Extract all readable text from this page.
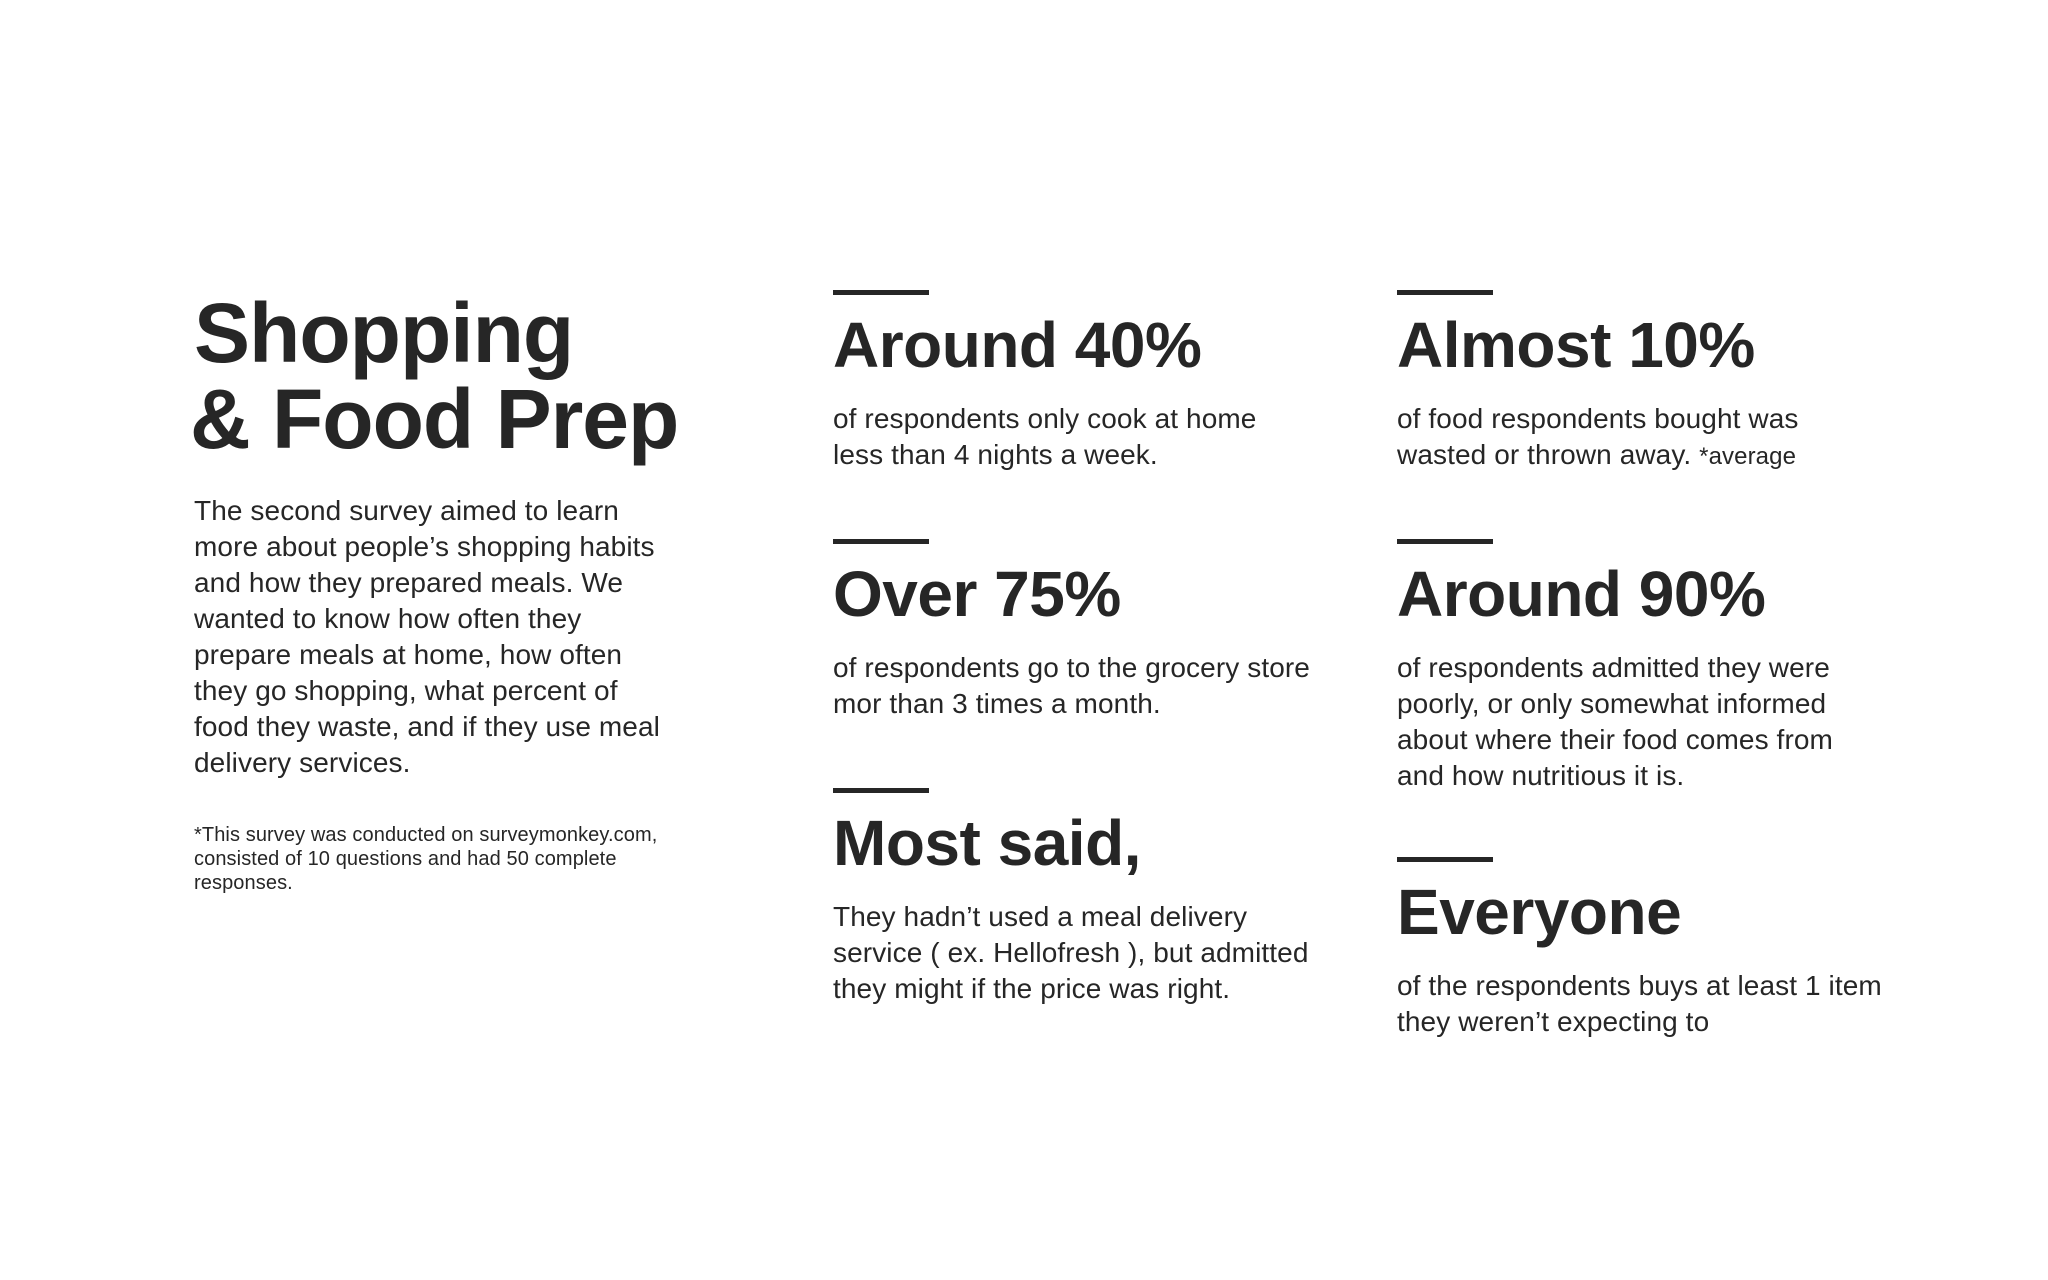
Shopping
& Food Prep

The second survey aimed to learn more about people’s shopping habits and how they prepared meals. We wanted to know how often they prepare meals at home, how often they go shopping, what percent of food they waste, and if they use meal delivery services.

*This survey was conducted on surveymonkey.com, consisted of 10 questions and had 50 complete responses.

Around 40%

of respondents only cook at home less than 4 nights a week.

Over 75%

of respondents go to the grocery store mor than 3 times a month.

Most said,

They hadn’t used a meal delivery service ( ex. Hellofresh ), but admitted they might if the price was right.

Almost 10%

of food respondents bought was wasted or thrown away. *average

Around 90%

of respondents admitted they were poorly, or only somewhat informed about where their food comes from and how nutritious it is.

Everyone

of the respondents buys at least 1 item they weren’t expecting to
